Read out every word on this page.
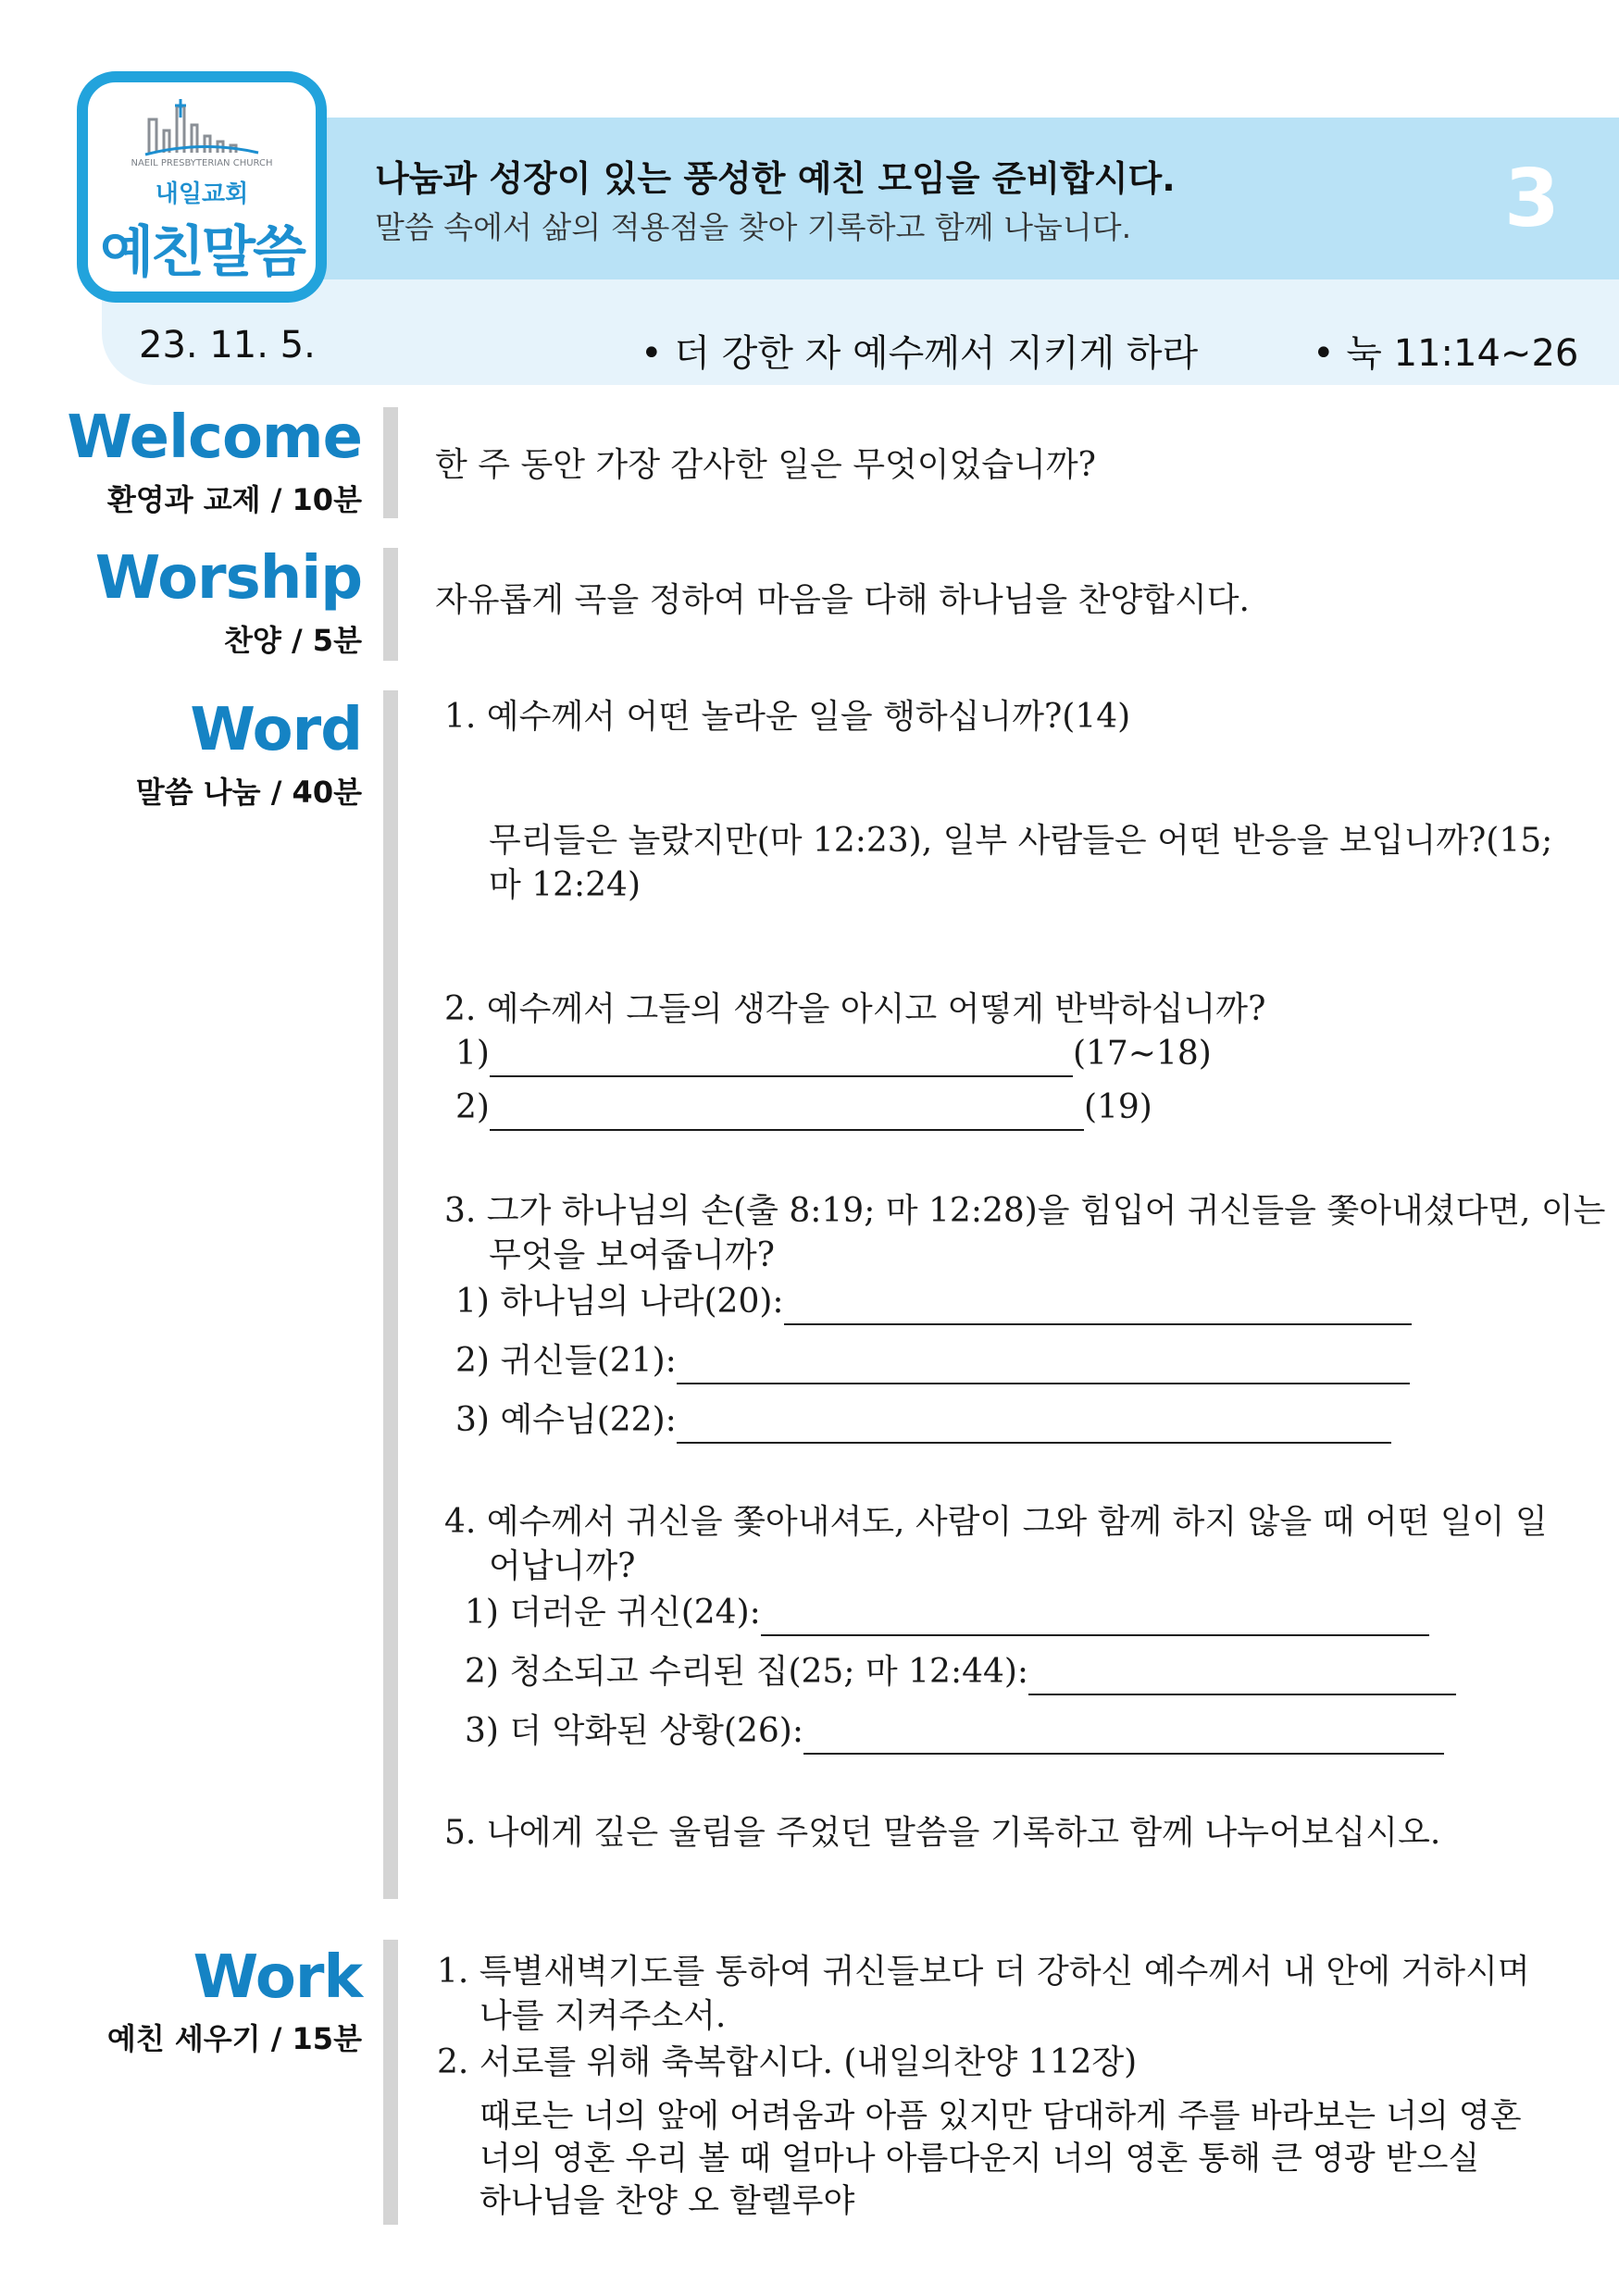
NAEIL PRESBYTERIAN CHURCH
내일교회
예친말씀
나눔과 성장이 있는 풍성한 예친 모임을 준비합시다.
말씀 속에서 삶의 적용점을 찾아 기록하고 함께 나눕니다.	3
23. 11. 5.	• 더 강한 자 예수께서 지키게 하라	• 눅 11:14~26
Welcome
환영과 교제 / 10분
한 주 동안 가장 감사한 일은 무엇이었습니까?
Worship
찬양 / 5분
자유롭게 곡을 정하여 마음을 다해 하나님을 찬양합시다.
Word
말씀 나눔 / 40분
1. 예수께서 어떤 놀라운 일을 행하십니까?(14)
무리들은 놀랐지만(마 12:23), 일부 사람들은 어떤 반응을 보입니까?(15;
마 12:24)
2. 예수께서 그들의 생각을 아시고 어떻게 반박하십니까?
1)	(17~18)
2)	(19)
3. 그가 하나님의 손(출 8:19; 마 12:28)을 힘입어 귀신들을 쫓아내셨다면, 이는
무엇을 보여줍니까?
1) 하나님의 나라(20):
2) 귀신들(21):
3) 예수님(22):
4. 예수께서 귀신을 쫓아내셔도, 사람이 그와 함께 하지 않을 때 어떤 일이 일
어납니까?
1) 더러운 귀신(24):
2) 청소되고 수리된 집(25; 마 12:44):
3) 더 악화된 상황(26):
5. 나에게 깊은 울림을 주었던 말씀을 기록하고 함께 나누어보십시오.
Work
예친 세우기 / 15분
1. 특별새벽기도를 통하여 귀신들보다 더 강하신 예수께서 내 안에 거하시며
나를 지켜주소서.
2. 서로를 위해 축복합시다. (내일의찬양 112장)
때로는 너의 앞에 어려움과 아픔 있지만 담대하게 주를 바라보는 너의 영혼
너의 영혼 우리 볼 때 얼마나 아름다운지 너의 영혼 통해 큰 영광 받으실
하나님을 찬양 오 할렐루야
